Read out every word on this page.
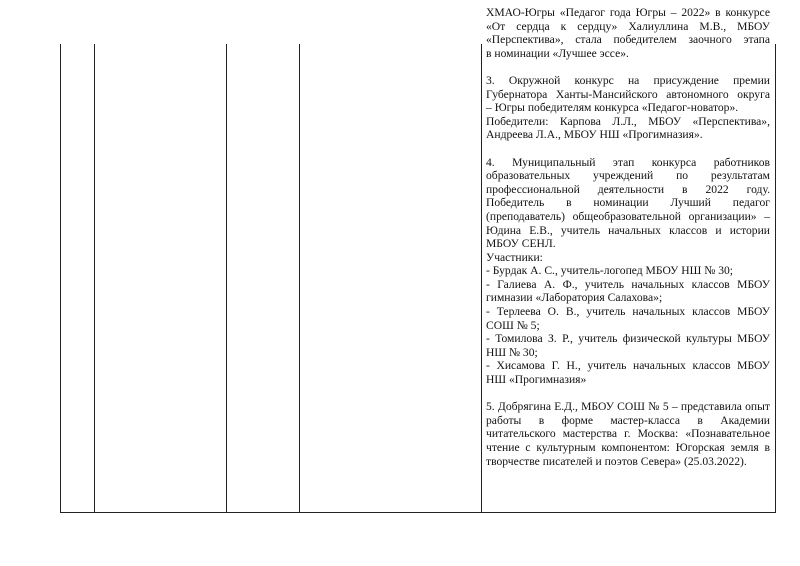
ХМАО-Югры «Педагог года Югры – 2022» в конкурсе
«От сердца к сердцу» Халиуллина М.В., МБОУ
«Перспектива», стала победителем заочного этапа
в номинации «Лучшее эссе».
3. Окружной конкурс на присуждение премии
Губернатора Ханты-Мансийского автономного округа
– Югры победителям конкурса «Педагог-новатор».
Победители: Карпова Л.Л., МБОУ «Перспектива»,
Андреева Л.А., МБОУ НШ «Прогимназия».
4. Муниципальный этап конкурса работников
образовательных учреждений по результатам
профессиональной деятельности в 2022 году.
Победитель в номинации Лучший педагог
(преподаватель) общеобразовательной организации» –
Юдина Е.В., учитель начальных классов и истории
МБОУ СЕНЛ.
Участники:
- Бурдак А. С., учитель-логопед МБОУ НШ № 30;
- Галиева А. Ф., учитель начальных классов МБОУ
гимназии «Лаборатория Салахова»;
- Терлеева О. В., учитель начальных классов МБОУ
СОШ № 5;
- Томилова З. Р., учитель физической культуры МБОУ
НШ № 30;
- Хисамова Г. Н., учитель начальных классов МБОУ
НШ «Прогимназия»
5. Добрягина Е.Д., МБОУ СОШ № 5 – представила опыт
работы в форме мастер-класса в Академии
читательского мастерства г. Москва: «Познавательное
чтение с культурным компонентом: Югорская земля в
творчестве писателей и поэтов Севера» (25.03.2022).
